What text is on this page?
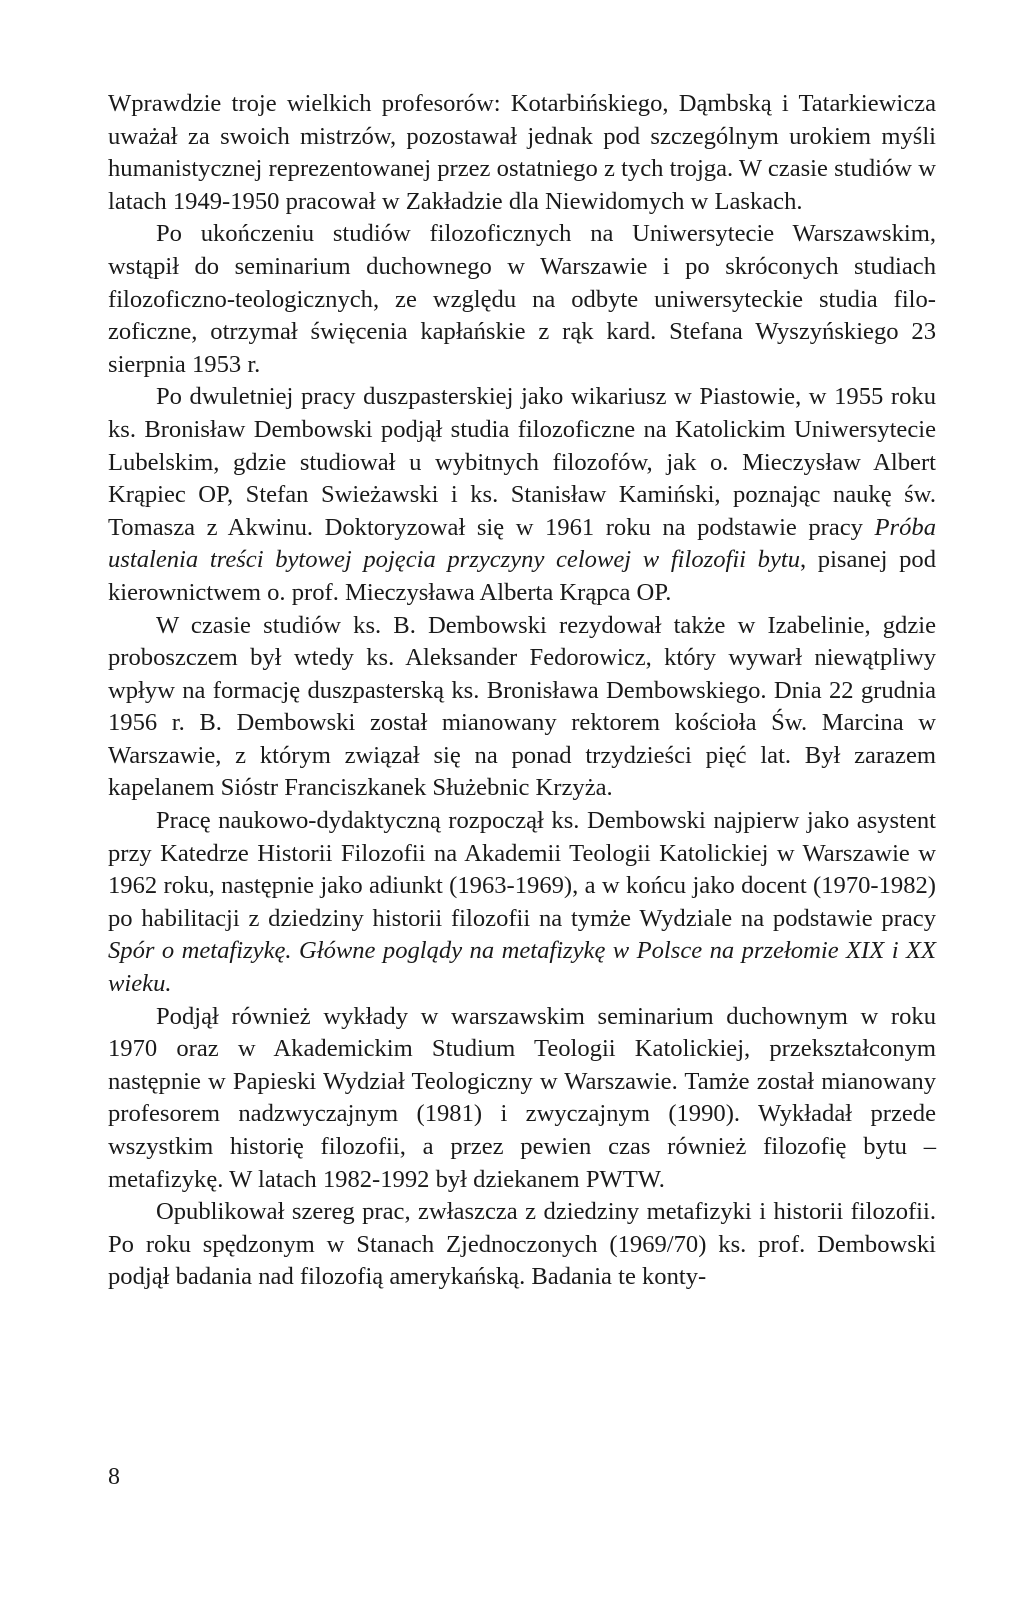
Wprawdzie troje wielkich profesorów: Kotarbińskiego, Dąmbską i Tatarkiewicza uważał za swoich mistrzów, pozostawał jednak pod szczególnym urokiem myśli humanistycznej reprezentowanej przez ostatniego z tych trojga. W czasie studiów w latach 1949-1950 pracował w Zakładzie dla Niewidomych w Laskach.

Po ukończeniu studiów filozoficznych na Uniwersytecie Warszawskim, wstąpił do seminarium duchownego w Warszawie i po skróconych studiach filozoficzno-teologicznych, ze względu na odbyte uniwersyteckie studia filozoficzne, otrzymał święcenia kapłańskie z rąk kard. Stefana Wyszyńskiego 23 sierpnia 1953 r.

Po dwuletniej pracy duszpasterskiej jako wikariusz w Piastowie, w 1955 roku ks. Bronisław Dembowski podjął studia filozoficzne na Katolickim Uniwersytecie Lubelskim, gdzie studiował u wybitnych filozofów, jak o. Mieczysław Albert Krąpiec OP, Stefan Swieżawski i ks. Stanisław Kamiński, poznając naukę św. Tomasza z Akwinu. Doktoryzował się w 1961 roku na podstawie pracy Próba ustalenia treści bytowej pojęcia przyczyny celowej w filozofii bytu, pisanej pod kierownictwem o. prof. Mieczysława Alberta Krąpca OP.

W czasie studiów ks. B. Dembowski rezydował także w Izabelinie, gdzie proboszczem był wtedy ks. Aleksander Fedorowicz, który wywarł niewątpliwy wpływ na formację duszpasterską ks. Bronisława Dembowskiego. Dnia 22 grudnia 1956 r. B. Dembowski został mianowany rektorem kościoła Św. Marcina w Warszawie, z którym związał się na ponad trzydzieści pięć lat. Był zarazem kapelanem Sióstr Franciszkanek Służebnic Krzyża.

Pracę naukowo-dydaktyczną rozpoczął ks. Dembowski najpierw jako asystent przy Katedrze Historii Filozofii na Akademii Teologii Katolickiej w Warszawie w 1962 roku, następnie jako adiunkt (1963-1969), a w końcu jako docent (1970-1982) po habilitacji z dziedziny historii filozofii na tymże Wydziale na podstawie pracy Spór o metafizykę. Główne poglądy na metafizykę w Polsce na przełomie XIX i XX wieku.

Podjął również wykłady w warszawskim seminarium duchownym w roku 1970 oraz w Akademickim Studium Teologii Katolickiej, przekształconym następnie w Papieski Wydział Teologiczny w Warszawie. Tamże został mianowany profesorem nadzwyczajnym (1981) i zwyczajnym (1990). Wykładał przede wszystkim historię filozofii, a przez pewien czas również filozofię bytu – metafizykę. W latach 1982-1992 był dziekanem PWTW.

Opublikował szereg prac, zwłaszcza z dziedziny metafizyki i historii filozofii. Po roku spędzonym w Stanach Zjednoczonych (1969/70) ks. prof. Dembowski podjął badania nad filozofią amerykańską. Badania te konty-

8
